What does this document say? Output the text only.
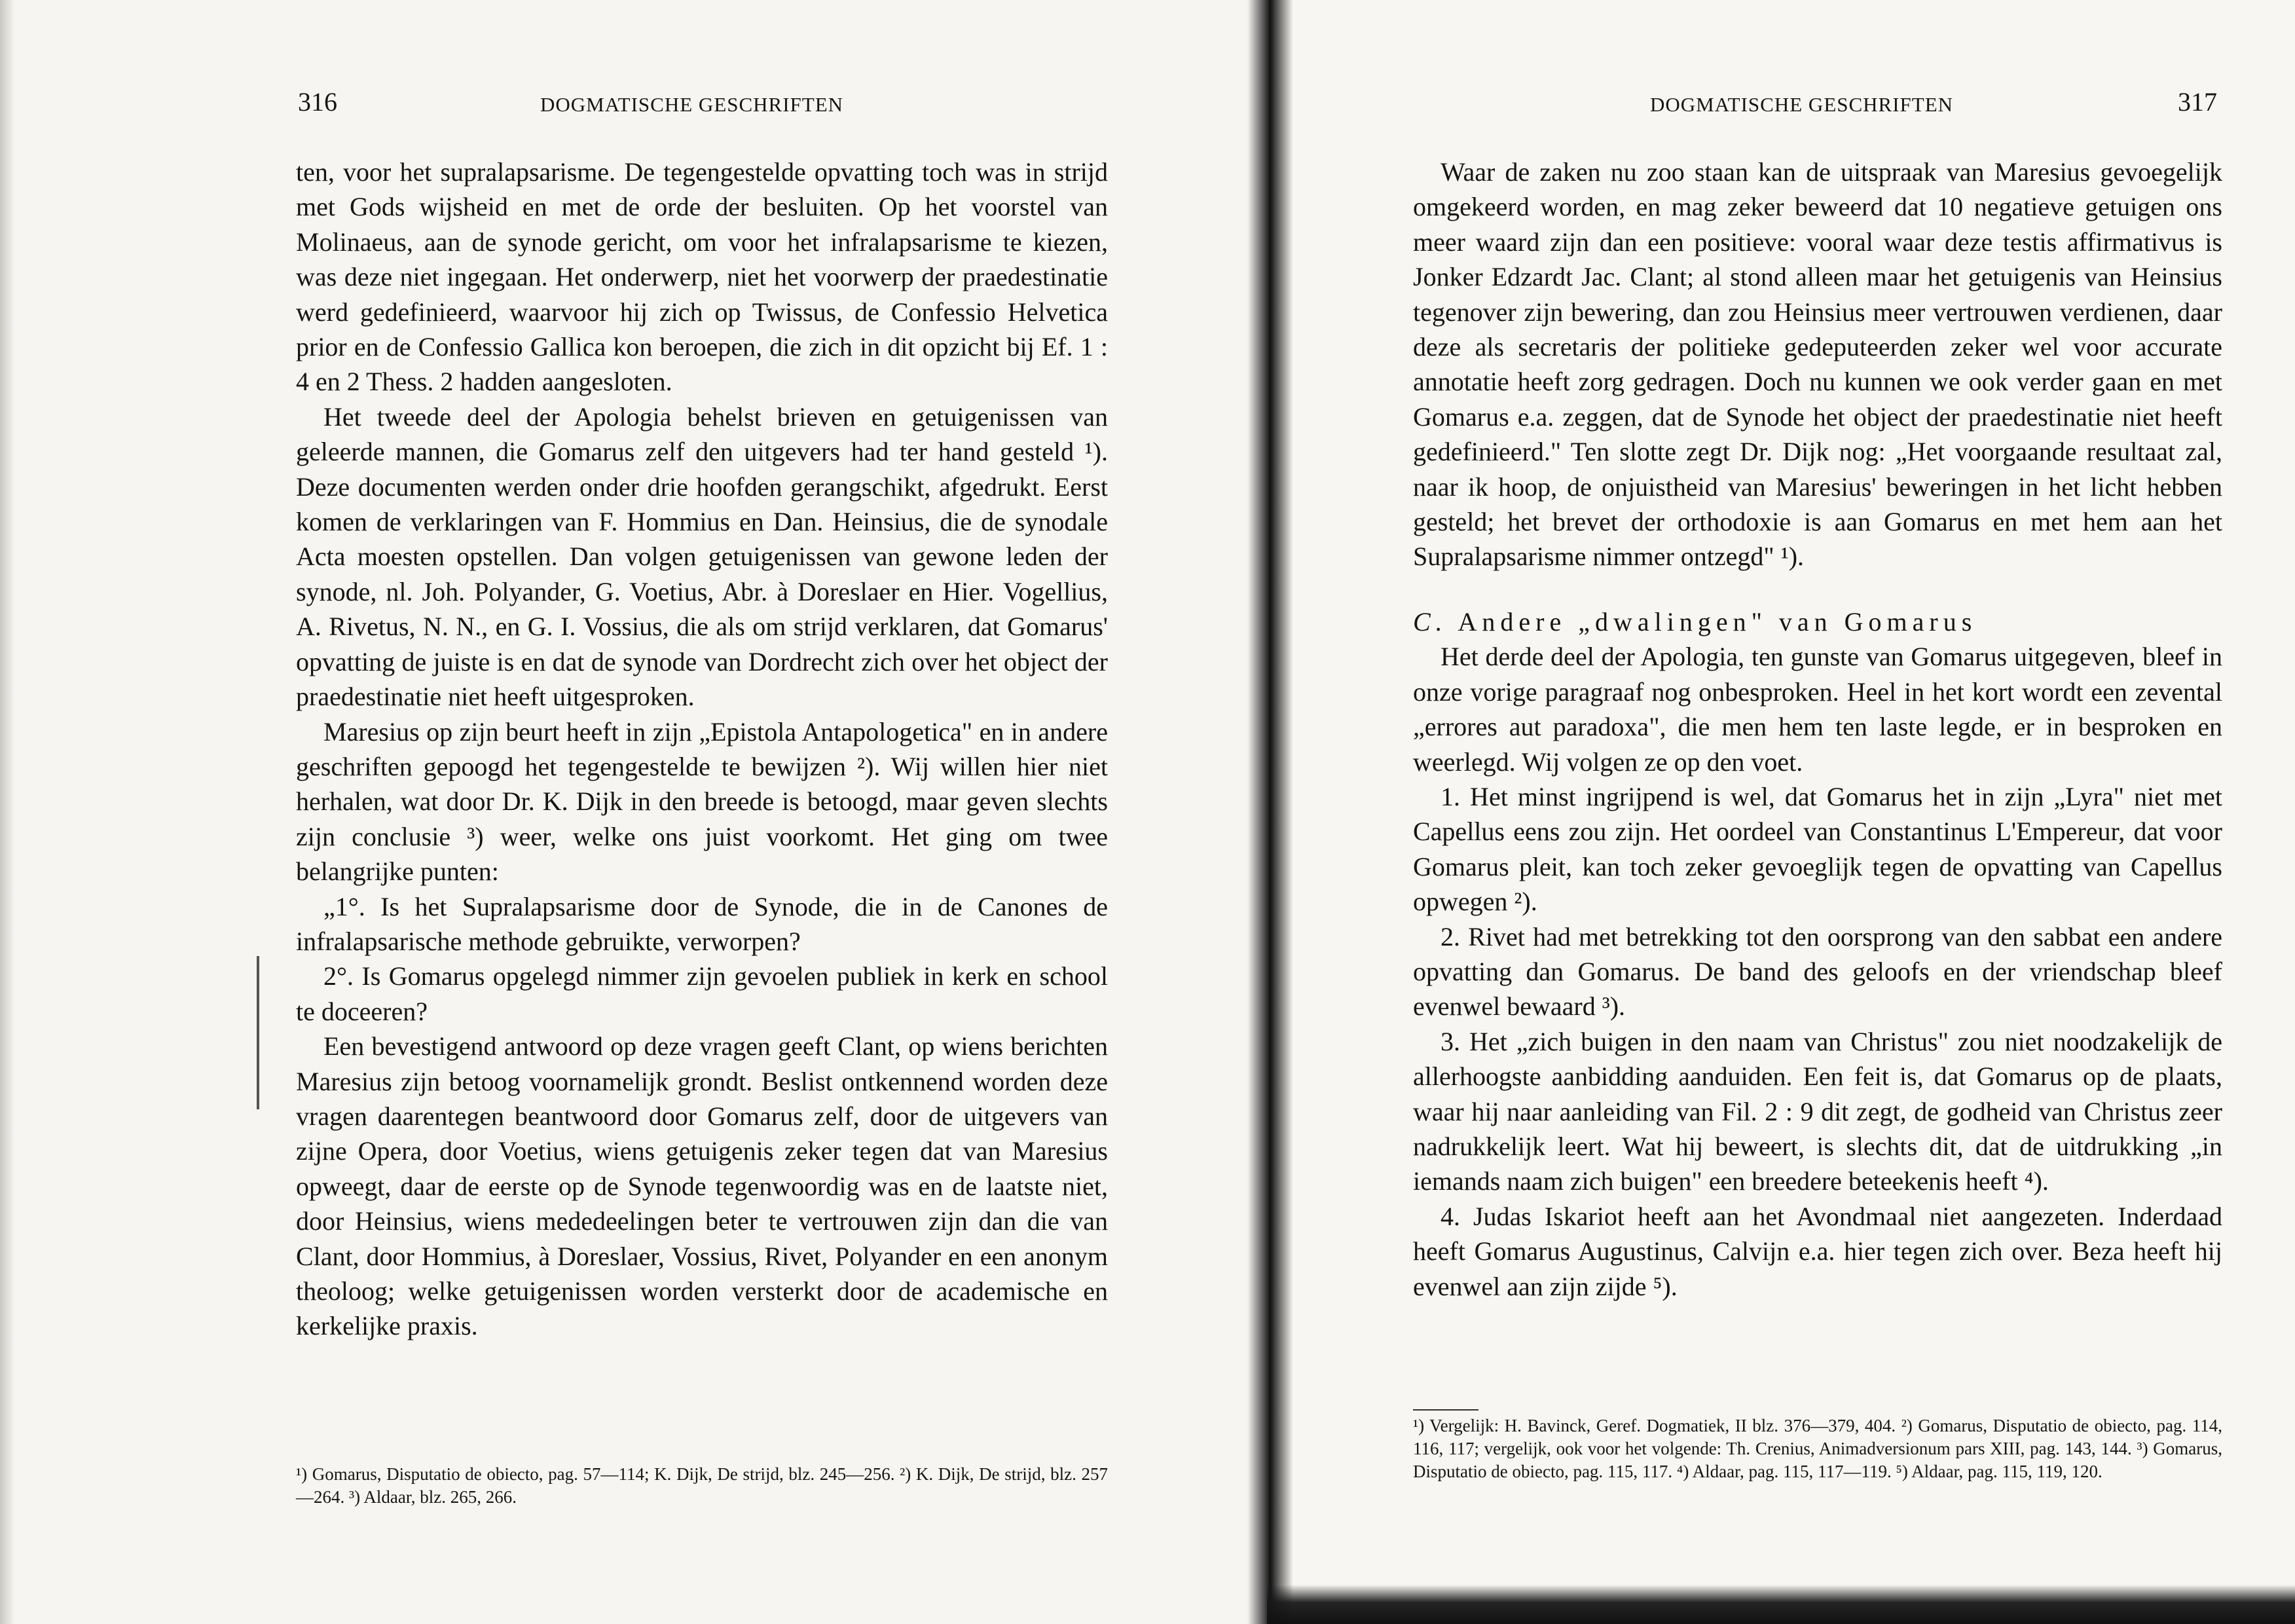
316	DOGMATISCHE GESCHRIFTEN

ten, voor het supralapsarisme. De tegengestelde opvatting toch was in strijd met Gods wijsheid en met de orde der besluiten. Op het voorstel van Molinaeus, aan de synode gericht, om voor het infralapsarisme te kiezen, was deze niet ingegaan. Het onderwerp, niet het voorwerp der praedestinatie werd gedefinieerd, waarvoor hij zich op Twissus, de Confessio Helvetica prior en de Confessio Gallica kon beroepen, die zich in dit opzicht bij Ef. 1 : 4 en 2 Thess. 2 hadden aangesloten.

Het tweede deel der Apologia behelst brieven en getuigenissen van geleerde mannen, die Gomarus zelf den uitgevers had ter hand gesteld ¹). Deze documenten werden onder drie hoofden gerangschikt, afgedrukt. Eerst komen de verklaringen van F. Hommius en Dan. Heinsius, die de synodale Acta moesten opstellen. Dan volgen getuigenissen van gewone leden der synode, nl. Joh. Polyander, G. Voetius, Abr. à Doreslaer en Hier. Vogellius, A. Rivetus, N. N., en G. I. Vossius, die als om strijd verklaren, dat Gomarus' opvatting de juiste is en dat de synode van Dordrecht zich over het object der praedestinatie niet heeft uitgesproken.

Maresius op zijn beurt heeft in zijn „Epistola Antapologetica" en in andere geschriften gepoogd het tegengestelde te bewijzen ²). Wij willen hier niet herhalen, wat door Dr. K. Dijk in den breede is betoogd, maar geven slechts zijn conclusie ³) weer, welke ons juist voorkomt. Het ging om twee belangrijke punten:

„1°. Is het Supralapsarisme door de Synode, die in de Canones de infralapsarische methode gebruikte, verworpen?

2°. Is Gomarus opgelegd nimmer zijn gevoelen publiek in kerk en school te doceeren?

Een bevestigend antwoord op deze vragen geeft Clant, op wiens berichten Maresius zijn betoog voornamelijk grondt. Beslist ontkennend worden deze vragen daarentegen beantwoord door Gomarus zelf, door de uitgevers van zijne Opera, door Voetius, wiens getuigenis zeker tegen dat van Maresius opweegt, daar de eerste op de Synode tegenwoordig was en de laatste niet, door Heinsius, wiens mededeelingen beter te vertrouwen zijn dan die van Clant, door Hommius, à Doreslaer, Vossius, Rivet, Polyander en een anonym theoloog; welke getuigenissen worden versterkt door de academische en kerkelijke praxis.

¹) Gomarus, Disputatio de obiecto, pag. 57—114; K. Dijk, De strijd, blz. 245—256. ²) K. Dijk, De strijd, blz. 257—264. ³) Aldaar, blz. 265, 266.

DOGMATISCHE GESCHRIFTEN	317

Waar de zaken nu zoo staan kan de uitspraak van Maresius gevoegelijk omgekeerd worden, en mag zeker beweerd dat 10 negatieve getuigen ons meer waard zijn dan een positieve: vooral waar deze testis affirmativus is Jonker Edzardt Jac. Clant; al stond alleen maar het getuigenis van Heinsius tegenover zijn bewering, dan zou Heinsius meer vertrouwen verdienen, daar deze als secretaris der politieke gedeputeerden zeker wel voor accurate annotatie heeft zorg gedragen. Doch nu kunnen we ook verder gaan en met Gomarus e.a. zeggen, dat de Synode het object der praedestinatie niet heeft gedefinieerd." Ten slotte zegt Dr. Dijk nog: „Het voorgaande resultaat zal, naar ik hoop, de onjuistheid van Maresius' beweringen in het licht hebben gesteld; het brevet der orthodoxie is aan Gomarus en met hem aan het Supralapsarisme nimmer ontzegd" ¹).

C. Andere „dwalingen" van Gomarus

Het derde deel der Apologia, ten gunste van Gomarus uitgegeven, bleef in onze vorige paragraaf nog onbesproken. Heel in het kort wordt een zevental „errores aut paradoxa", die men hem ten laste legde, er in besproken en weerlegd. Wij volgen ze op den voet.

1. Het minst ingrijpend is wel, dat Gomarus het in zijn „Lyra" niet met Capellus eens zou zijn. Het oordeel van Constantinus L'Empereur, dat voor Gomarus pleit, kan toch zeker gevoeglijk tegen de opvatting van Capellus opwegen ²).

2. Rivet had met betrekking tot den oorsprong van den sabbat een andere opvatting dan Gomarus. De band des geloofs en der vriendschap bleef evenwel bewaard ³).

3. Het „zich buigen in den naam van Christus" zou niet noodzakelijk de allerhoogste aanbidding aanduiden. Een feit is, dat Gomarus op de plaats, waar hij naar aanleiding van Fil. 2 : 9 dit zegt, de godheid van Christus zeer nadrukkelijk leert. Wat hij beweert, is slechts dit, dat de uitdrukking „in iemands naam zich buigen" een breedere beteekenis heeft ⁴).

4. Judas Iskariot heeft aan het Avondmaal niet aangezeten. Inderdaad heeft Gomarus Augustinus, Calvijn e.a. hier tegen zich over. Beza heeft hij evenwel aan zijn zijde ⁵).

¹) Vergelijk: H. Bavinck, Geref. Dogmatiek, II blz. 376—379, 404. ²) Gomarus, Disputatio de obiecto, pag. 114, 116, 117; vergelijk, ook voor het volgende: Th. Crenius, Animadversionum pars XIII, pag. 143, 144. ³) Gomarus, Disputatio de obiecto, pag. 115, 117. ⁴) Aldaar, pag. 115, 117—119. ⁵) Aldaar, pag. 115, 119, 120.
